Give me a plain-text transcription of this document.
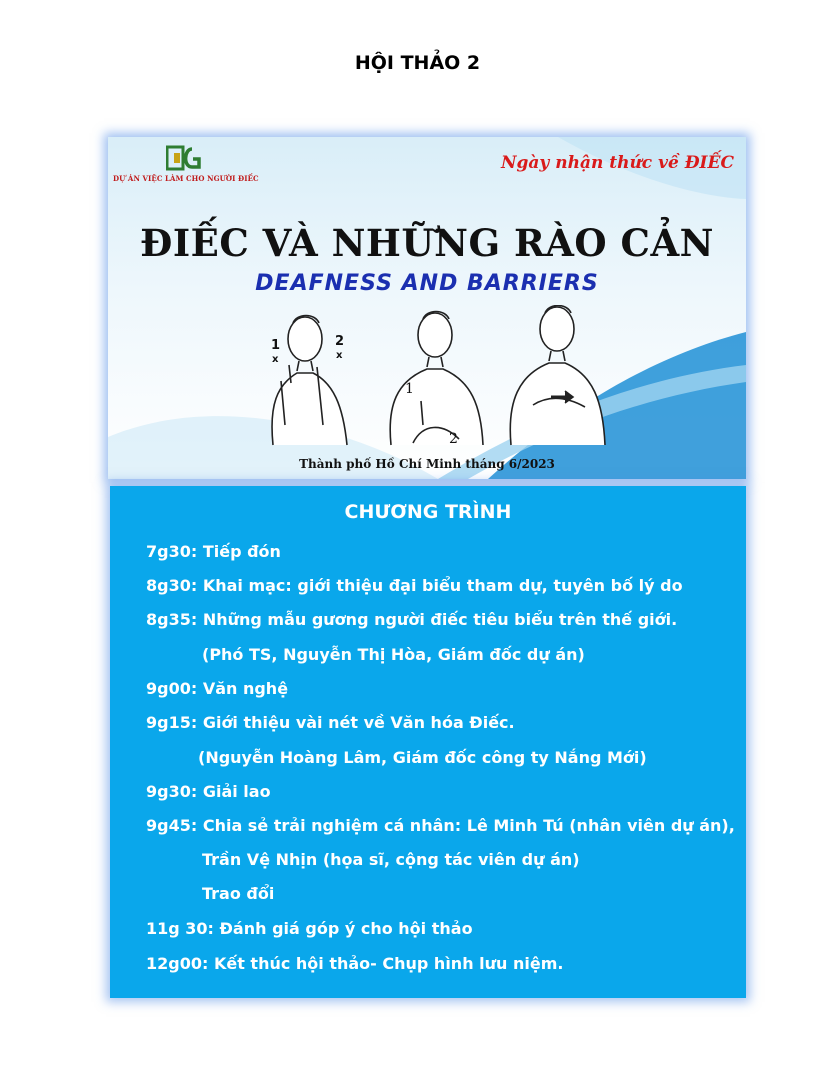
HỘI THẢO 2
DỰ ÁN VIỆC LÀM CHO NGƯỜI ĐIẾC
Ngày nhận thức về ĐIẾC
ĐIẾC VÀ NHỮNG RÀO CẢN
DEAFNESS AND BARRIERS
1
x
2
x
1
2
Thành phố Hồ Chí Minh tháng 6/2023
CHƯƠNG TRÌNH
7g30: Tiếp đón
8g30: Khai mạc: giới thiệu đại biểu tham dự, tuyên bố lý do
8g35: Những mẫu gương người điếc tiêu biểu trên thế giới.
(Phó TS, Nguyễn Thị Hòa, Giám đốc dự án)
9g00: Văn nghệ
9g15: Giới thiệu vài nét về Văn hóa Điếc.
(Nguyễn Hoàng Lâm, Giám đốc công ty Nắng Mới)
9g30: Giải lao
9g45: Chia sẻ trải nghiệm cá nhân: Lê Minh Tú (nhân viên dự án),
Trần Vệ Nhịn (họa sĩ, cộng tác viên dự án)
Trao đổi
11g 30: Đánh giá góp ý cho hội thảo
12g00: Kết thúc hội thảo- Chụp hình lưu niệm.
